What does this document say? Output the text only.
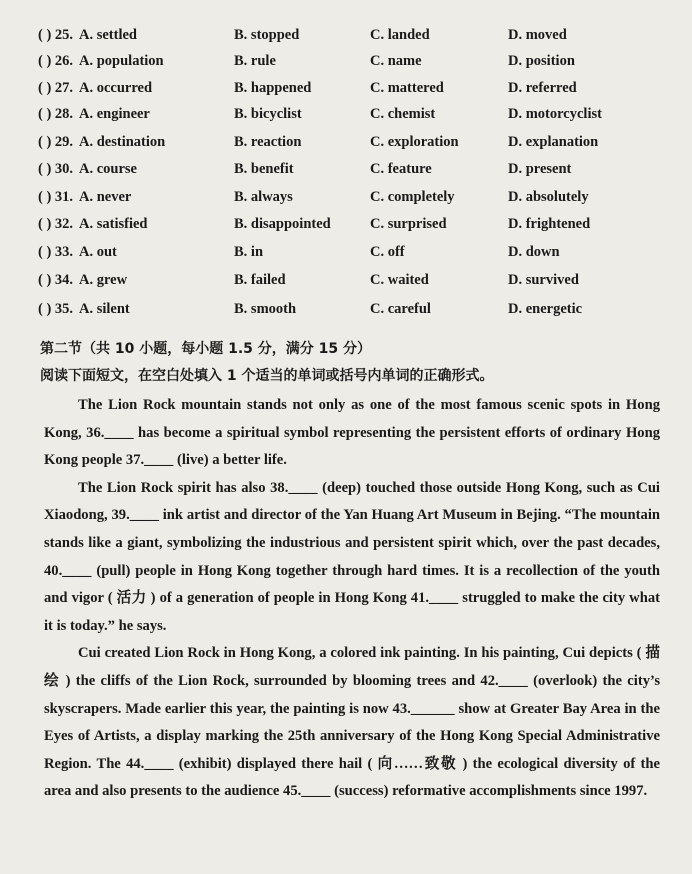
( ) 25. A. settled	B. stopped	C. landed	D. moved
( ) 26. A. population	B. rule	C. name	D. position
( ) 27. A. occurred	B. happened	C. mattered	D. referred
( ) 28. A. engineer	B. bicyclist	C. chemist	D. motorcyclist
( ) 29. A. destination	B. reaction	C. exploration	D. explanation
( ) 30. A. course	B. benefit	C. feature	D. present
( ) 31. A. never	B. always	C. completely	D. absolutely
( ) 32. A. satisfied	B. disappointed	C. surprised	D. frightened
( ) 33. A. out	B. in	C. off	D. down
( ) 34. A. grew	B. failed	C. waited	D. survived
( ) 35. A. silent	B. smooth	C. careful	D. energetic
第二节（共 10 小题，每小题 1.5 分，满分 15 分）
阅读下面短文，在空白处填入 1 个适当的单词或括号内单词的正确形式。

The Lion Rock mountain stands not only as one of the most famous scenic spots in Hong Kong, 36.____ has become a spiritual symbol representing the persistent efforts of ordinary Hong Kong people 37.____ (live) a better life.

The Lion Rock spirit has also 38.____ (deep) touched those outside Hong Kong, such as Cui Xiaodong, 39.____ ink artist and director of the Yan Huang Art Museum in Bejing. “The mountain stands like a giant, symbolizing the industrious and persistent spirit which, over the past decades, 40.____ (pull) people in Hong Kong together through hard times. It is a recollection of the youth and vigor ( 活力 ) of a generation of people in Hong Kong 41.____ struggled to make the city what it is today.” he says.

Cui created Lion Rock in Hong Kong, a colored ink painting. In his painting, Cui depicts ( 描 绘 ) the cliffs of the Lion Rock, surrounded by blooming trees and 42.____ (overlook) the city’s skyscrapers. Made earlier this year, the painting is now 43.______ show at Greater Bay Area in the Eyes of Artists, a display marking the 25th anniversary of the Hong Kong Special Administrative Region. The 44.____ (exhibit) displayed there hail ( 向……致敬 ) the ecological diversity of the area and also presents to the audience 45.____ (success) reformative accomplishments since 1997.
